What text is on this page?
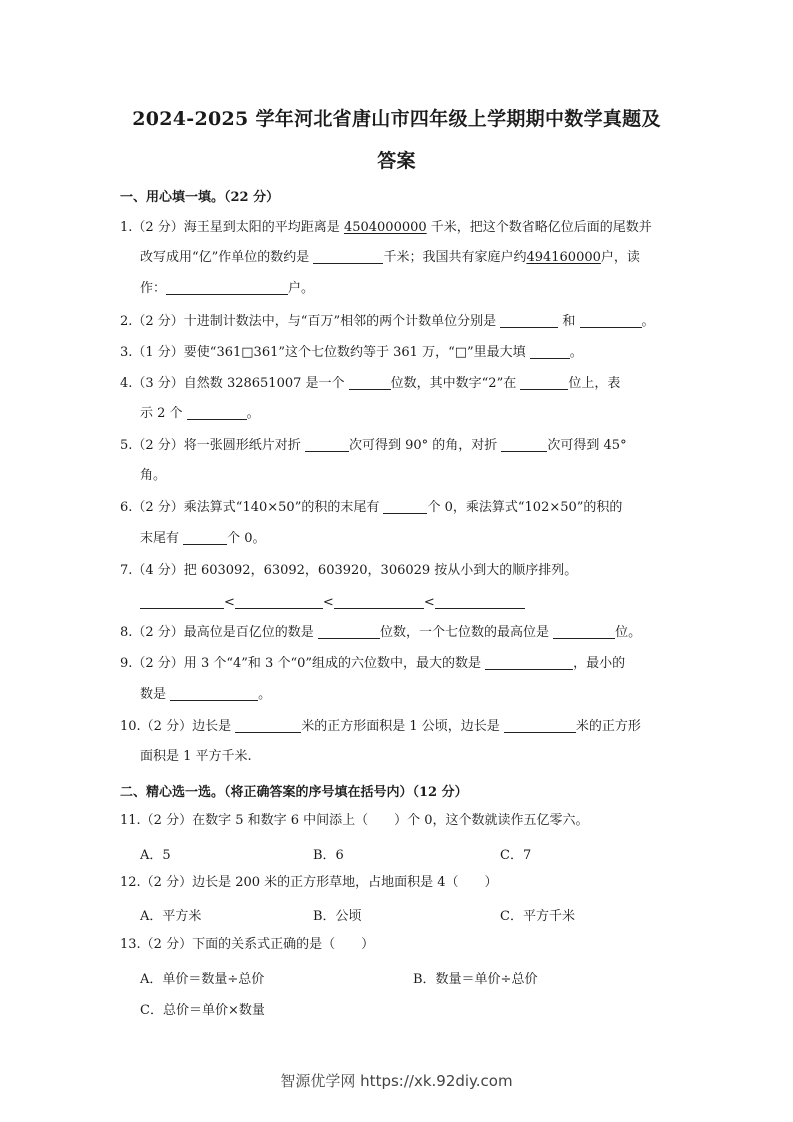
2024-2025 学年河北省唐山市四年级上学期期中数学真题及
答案
一、用心填一填。（22 分）
1.（2 分）海王星到太阳的平均距离是 4504000000 千米，把这个数省略亿位后面的尾数并
改写成用“亿”作单位的数约是	千米；我国共有家庭户约494160000户，读
作：	户。
2.（2 分）十进制计数法中，与“百万”相邻的两个计数单位分别是	和	。
3.（1 分）要使“361□361”这个七位数约等于 361 万，“□”里最大填	。
4.（3 分）自然数 328651007 是一个	位数，其中数字“2”在	位上，表
示 2 个	。
5.（2 分）将一张圆形纸片对折	次可得到 90° 的角，对折	次可得到 45°
角。
6.（2 分）乘法算式“140×50”的积的末尾有	个 0，乘法算式“102×50”的积的
末尾有	个 0。
7.（4 分）把 603092，63092，603920，306029 按从小到大的顺序排列。
<	<	<
8.（2 分）最高位是百亿位的数是	位数，一个七位数的最高位是	位。
9.（2 分）用 3 个“4”和 3 个“0”组成的六位数中，最大的数是	，最小的
数是	。
10.（2 分）边长是	米的正方形面积是 1 公顷，边长是	米的正方形
面积是 1 平方千米.
二、精心选一选。（将正确答案的序号填在括号内）（12 分）
11.（2 分）在数字 5 和数字 6 中间添上（　　）个 0，这个数就读作五亿零六。
A．5	B．6	C．7
12.（2 分）边长是 200 米的正方形草地，占地面积是 4（　　）
A．平方米	B．公顷	C．平方千米
13.（2 分）下面的关系式正确的是（　　）
A．单价＝数量÷总价	B．数量＝单价÷总价
C．总价＝单价×数量
智源优学网 https://xk.92diy.com
